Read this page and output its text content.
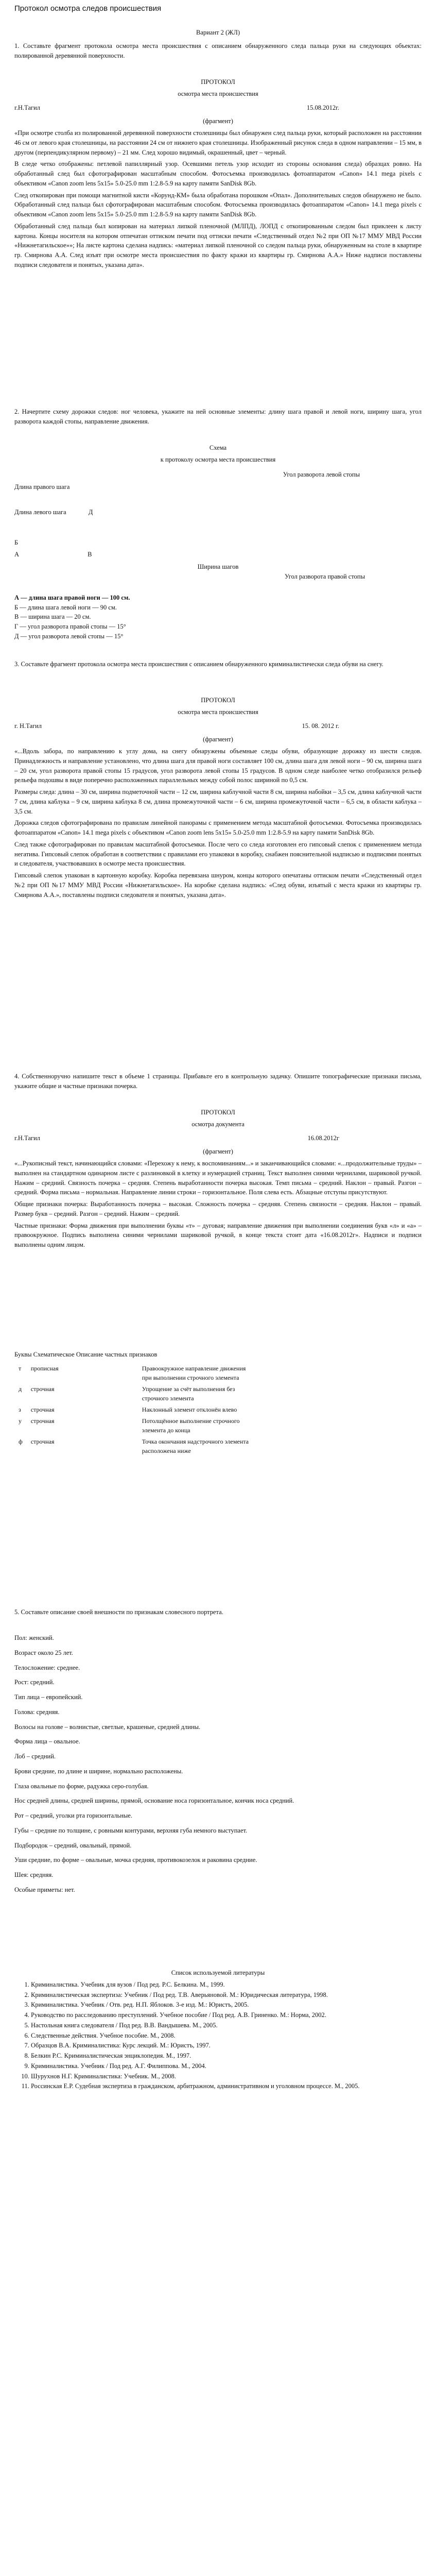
Протокол осмотра следов происшествия
Вариант 2 (ЖЛ)
1. Составьте фрагмент протокола осмотра места происшествия с описанием обнаруженного следа пальца руки на следующих объектах: полированной деревянной поверхности.

ПРОТОКОЛ

осмотра места происшествия

г.Н.Тагил	15.08.2012г.

(фрагмент)

«При осмотре столба из полированной деревянной поверхности столешницы был обнаружен след пальца руки, который расположен на расстоянии 46 см от левого края столешницы, на расстоянии 24 см от нижнего края столешницы. Изображенный рисунок следа в одном направлении – 15 мм, в другом (перпендикулярном первому) – 21 мм. След хорошо видимый, окрашенный, цвет – черный.

В следе четко отображены: петлевой папиллярный узор. Осевшими петель узор исходит из стороны основания следа) образцах ровно. На обработанный след был сфотографирован масштабным способом. Фотосъемка производилась фотоаппаратом «Canon» 14.1 mega pixels с объективом «Canon zoom lens 5x15» 5.0-25.0 mm 1:2.8-5.9 на карту памяти SanDisk 8Gb.

След откопирован при помощи магнитной кисти «Корунд-КМ» была обработана порошком «Опал». Дополнительных следов обнаружено не было. Обработанный след пальца был сфотографирован масштабным способом. Фотосъемка производилась фотоаппаратом «Canon» 14.1 mega pixels с объективом «Canon zoom lens 5x15» 5.0-25.0 mm 1:2.8-5.9 на карту памяти SanDisk 8Gb.

Обработанный след пальца был копирован на материал липкой пленочной (МЛПД), ЛОПД с откопированным следом был приклеен к листу картона. Концы носителя на котором отпечатан оттиском печати под оттиски печати «Следственный отдел №2 при ОП №17 ММУ МВД России «Нижнетагильское»»; На листе картона сделана надпись: «материал липкой пленочной со следом пальца руки, обнаруженным на столе в квартире гр. Смирнова А.А. След изъят при осмотре места происшествия по факту кражи из квартиры гр. Смирнова А.А.» Ниже надписи поставлены подписи следователя и понятых, указана дата».

2. Начертите схему дорожки следов: ног человека, укажите на ней основные элементы: длину шага правой и левой ноги, ширину шага, угол разворота каждой стопы, направление движения.

Схема

к протоколу осмотра места происшествия

Угол разворота левой стопы
Длина правого шага
Длина левого шага	Д
Б
А	В
Ширина шагов
Угол разворота правой стопы
А — длина шага правой ноги — 100 см.
Б — длина шага левой ноги — 90 см.
В — ширина шага — 20 см.
Г — угол разворота правой стопы — 15°
Д — угол разворота левой стопы — 15°
3. Составьте фрагмент протокола осмотра места происшествия с описанием обнаруженного криминалистически следа обуви на снегу.

ПРОТОКОЛ

осмотра места происшествия

г. Н.Тагил	15. 08. 2012 г.

(фрагмент)

«...Вдоль забора, по направлению к углу дома, на снегу обнаружены объемные следы обуви, образующие дорожку из шести следов. Принадлежность и направление установлено, что длина шага для правой ноги составляет 100 см, длина шага для левой ноги – 90 см, ширина шага – 20 см, угол разворота правой стопы 15 градусов, угол разворота левой стопы 15 градусов. В одном следе наиболее четко отобразился рельеф рельефа подошвы в виде поперечно расположенных параллельных между собой полос шириной по 0,5 см.

Размеры следа: длина – 30 см, ширина подметочной части – 12 см, ширина каблучной части 8 см, ширина набойки – 3,5 см, длина каблучной части 7 см, длина каблука – 9 см, ширина каблука 8 см, длина промежуточной части – 6 см, ширина промежуточной части – 6,5 см, в области каблука – 3,5 см.

Дорожка следов сфотографирована по правилам линейной панорамы с применением метода масштабной фотосъемки. Фотосъемка производилась фотоаппаратом «Canon» 14.1 mega pixels с объективом «Canon zoom lens 5x15» 5.0-25.0 mm 1:2.8-5.9 на карту памяти SanDisk 8Gb.

След также сфотографирован по правилам масштабной фотосъемки. После чего со следа изготовлен его гипсовый слепок с применением метода негатива. Гипсовый слепок обработан в соответствии с правилами его упаковки в коробку, снабжен пояснительной надписью и подписями понятых и следователя, участвовавших в осмотре места происшествия.

Гипсовый слепок упакован в картонную коробку. Коробка перевязана шнуром, концы которого опечатаны оттиском печати «Следственный отдел №2 при ОП №17 ММУ МВД России «Нижнетагильское». На коробке сделана надпись: «След обуви, изъятый с места кражи из квартиры гр. Смирнова А.А.», поставлены подписи следователя и понятых, указана дата».

4. Собственноручно напишите текст в объеме 1 страницы. Прибавьте его в контрольную задачку. Опишите топографические признаки письма, укажите общие и частные признаки почерка.

ПРОТОКОЛ

осмотра документа

г.Н.Тагил	16.08.2012г

(фрагмент)

«...Рукописный текст, начинающийся словами: «Перехожу к нему, к воспоминаниям...» и заканчивающийся словами: «...продолжительные труды» – выполнен на стандартном одинарном листе с разлиновкой в клетку и нумерацией страниц. Текст выполнен синими чернилами, шариковой ручкой. Нажим – средний. Связность почерка – средняя. Степень выработанности почерка высокая. Темп письма – средний. Наклон – правый. Разгон – средний. Форма письма – нормальная. Направление линии строки – горизонтальное. Поля слева есть. Абзацные отступы присутствуют.

Общие признаки почерка: Выработанность почерка – высокая. Сложность почерка – средняя. Степень связности – средняя. Наклон – правый. Размер букв – средний. Разгон – средний. Нажим – средний.

Частные признаки: Форма движения при выполнении буквы «т» – дуговая; направление движения при выполнении соединения букв «л» и «а» – правоокружное. Подпись выполнена синими чернилами шариковой ручкой, в конце текста стоит дата «16.08.2012г». Надписи и подписи выполнены одним лицом.

Буквы Схематическое Описание частных признаков
т	прописная	Правоокружное направление движения при выполнении строчного элемента
д	строчная	Упрощение за счёт выполнения без строчного элемента
з	строчная	Наклонный элемент отклонён влево
у	строчная	Потолщённое выполнение строчного элемента до конца
ф	строчная	Точка окончания надстрочного элемента расположена ниже
5. Составьте описание своей внешности по признакам словесного портрета.

Пол: женский.

Возраст около 25 лет.

Телосложение: среднее.

Рост: средний.

Тип лица – европейский.

Голова: средняя.

Волосы на голове – волнистые, светлые, крашеные, средней длины.

Форма лица – овальное.

Лоб – средний.

Брови средние, по длине и ширине, нормально расположены.

Глаза овальные по форме, радужка серо-голубая.

Нос средней длины, средней ширины, прямой, основание носа горизонтальное, кончик носа средний.

Рот – средний, уголки рта горизонтальные.

Губы – средние по толщине, с ровными контурами, верхняя губа немного выступает.

Подбородок – средний, овальный, прямой.

Уши средние, по форме – овальные, мочка средняя, противокозелок и раковина средние.

Шея: средняя.

Особые приметы: нет.

Список используемой литературы

1. Криминалистика. Учебник для вузов / Под ред. Р.С. Белкина. М., 1999.
2. Криминалистическая экспертиза: Учебник / Под ред. Т.В. Аверьяновой. М.: Юридическая литература, 1998.
3. Криминалистика. Учебник / Отв. ред. Н.П. Яблоков. 3-е изд. М.: Юристъ, 2005.
4. Руководство по расследованию преступлений. Учебное пособие / Под ред. А.В. Гриненко. М.: Норма, 2002.
5. Настольная книга следователя / Под ред. В.В. Вандышева. М., 2005.
6. Следственные действия. Учебное пособие. М., 2008.
7. Образцов В.А. Криминалистика: Курс лекций. М.: Юристъ, 1997.
8. Белкин Р.С. Криминалистическая энциклопедия. М., 1997.
9. Криминалистика. Учебник / Под ред. А.Г. Филиппова. М., 2004.
10. Шурухнов Н.Г. Криминалистика: Учебник. М., 2008.
11. Россинская Е.Р. Судебная экспертиза в гражданском, арбитражном, административном и уголовном процессе. М., 2005.
